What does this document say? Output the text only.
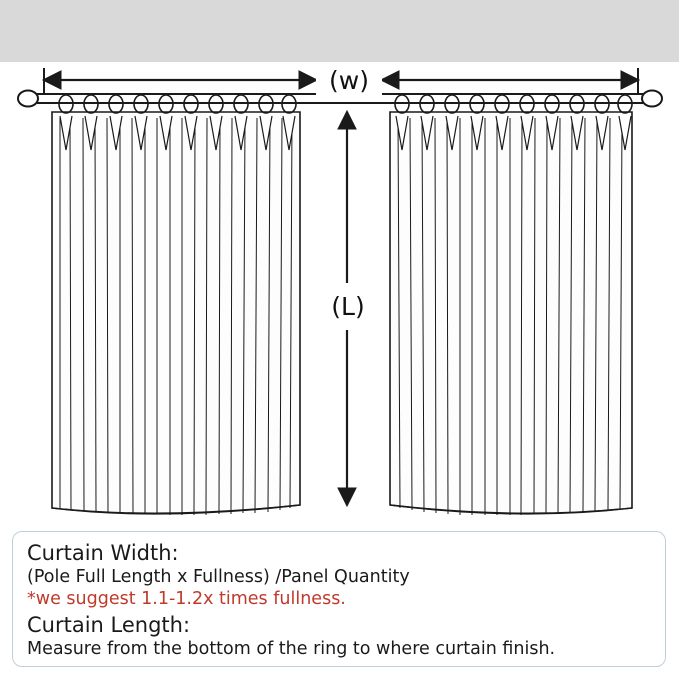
(w)
(L)
Curtain Width:
(Pole Full Length x Fullness) /Panel Quantity
*we suggest 1.1-1.2x times fullness.
Curtain Length:
Measure from the bottom of the ring to where curtain finish.
